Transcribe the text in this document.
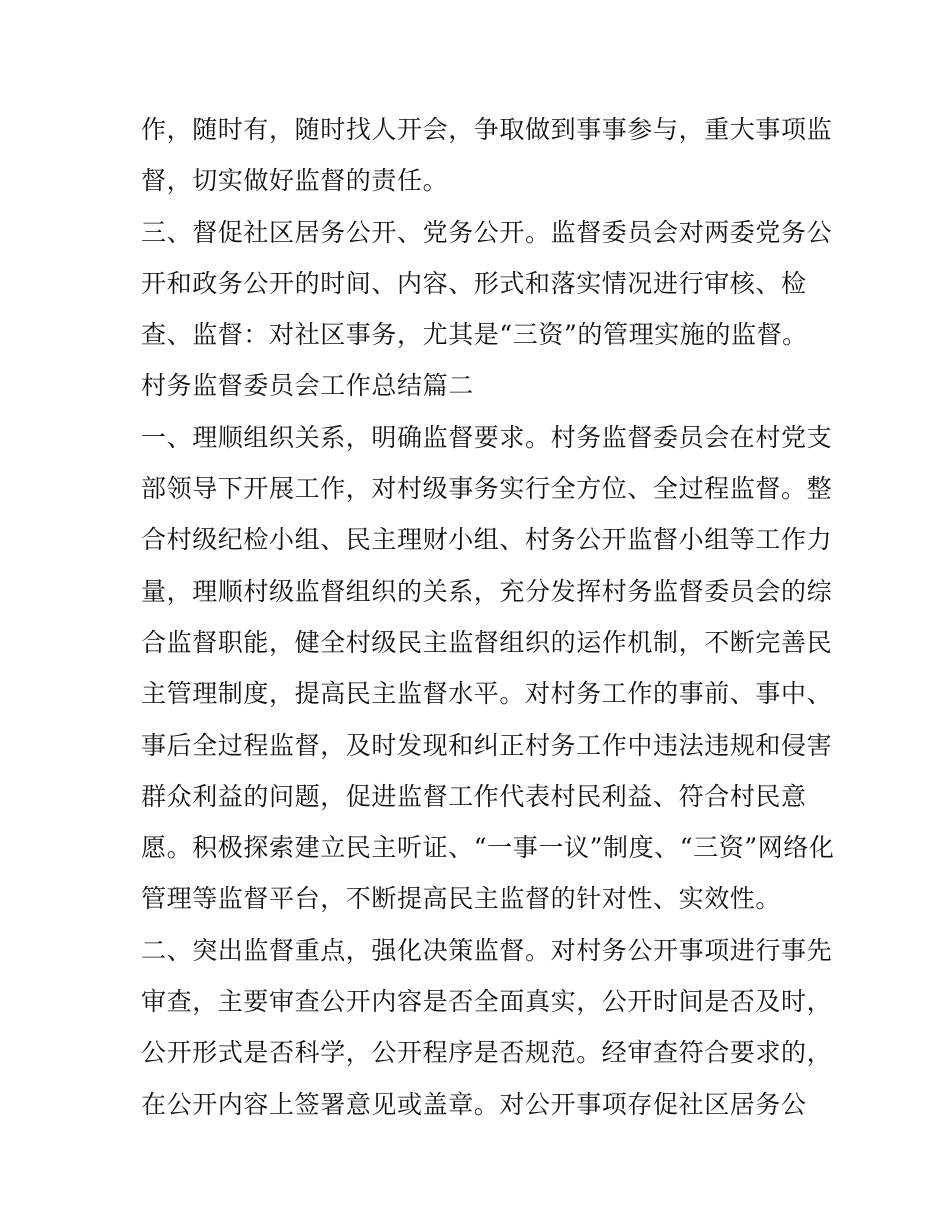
作，随时有，随时找人开会，争取做到事事参与，重大事项监
督，切实做好监督的责任。
三、督促社区居务公开、党务公开。监督委员会对两委党务公
开和政务公开的时间、内容、形式和落实情况进行审核、检
查、监督：对社区事务，尤其是“三资”的管理实施的监督。
村务监督委员会工作总结篇二
一、理顺组织关系，明确监督要求。村务监督委员会在村党支
部领导下开展工作，对村级事务实行全方位、全过程监督。整
合村级纪检小组、民主理财小组、村务公开监督小组等工作力
量，理顺村级监督组织的关系，充分发挥村务监督委员会的综
合监督职能，健全村级民主监督组织的运作机制，不断完善民
主管理制度，提高民主监督水平。对村务工作的事前、事中、
事后全过程监督，及时发现和纠正村务工作中违法违规和侵害
群众利益的问题，促进监督工作代表村民利益、符合村民意
愿。积极探索建立民主听证、“一事一议”制度、“三资”网络化
管理等监督平台，不断提高民主监督的针对性、实效性。
二、突出监督重点，强化决策监督。对村务公开事项进行事先
审查，主要审查公开内容是否全面真实，公开时间是否及时，
公开形式是否科学，公开程序是否规范。经审查符合要求的，
在公开内容上签署意见或盖章。对公开事项存促社区居务公
